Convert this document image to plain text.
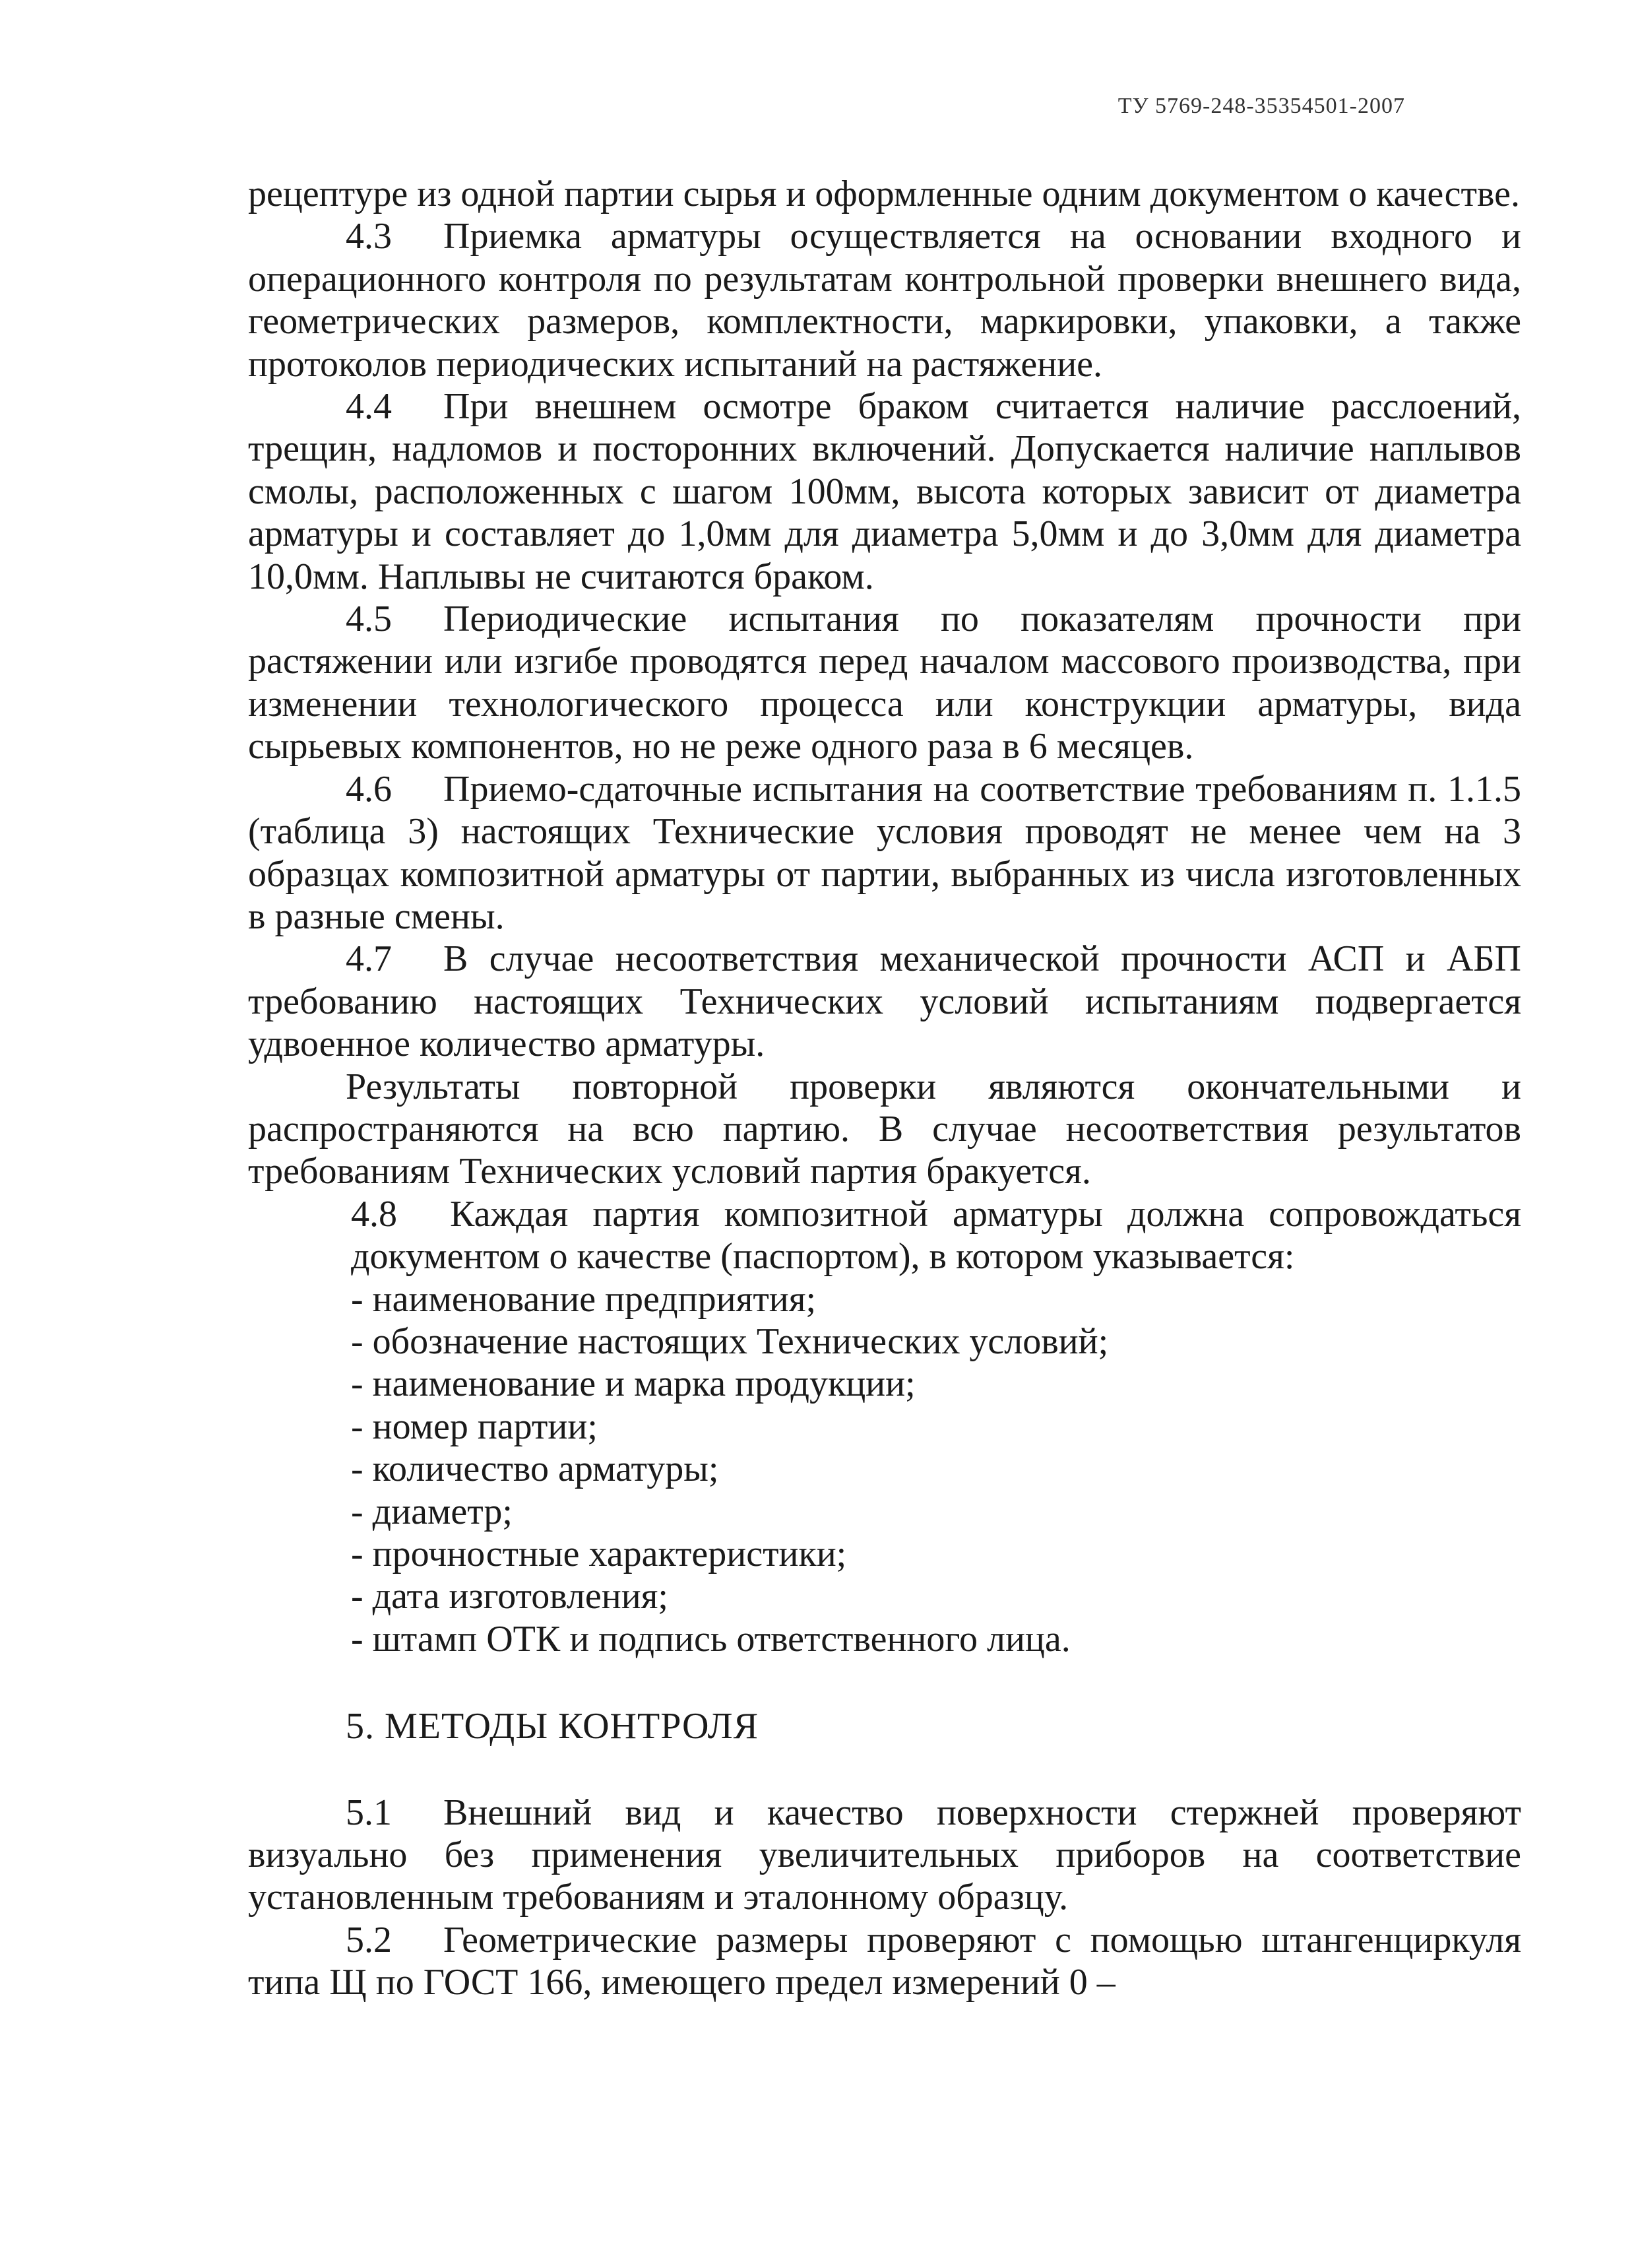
ТУ 5769-248-35354501-2007

рецептуре из одной партии сырья и оформленные одним документом о качестве.

4.3 Приемка арматуры осуществляется на основании входного и операционного контроля по результатам контрольной проверки внешнего вида, геометрических размеров, комплектности, маркировки, упаковки, а также протоколов периодических испытаний на растяжение.

4.4 При внешнем осмотре браком считается наличие расслоений, трещин, надломов и посторонних включений. Допускается наличие наплывов смолы, расположенных с шагом 100мм, высота которых зависит от диаметра арматуры и составляет до 1,0мм для диаметра 5,0мм и до 3,0мм для диаметра 10,0мм. Наплывы не считаются браком.

4.5 Периодические испытания по показателям прочности при растяжении или изгибе проводятся перед началом массового производства, при изменении технологического процесса или конструкции арматуры, вида сырьевых компонентов, но не реже одного раза в 6 месяцев.

4.6 Приемо-сдаточные испытания на соответствие требованиям п. 1.1.5 (таблица 3) настоящих Технические условия проводят не менее чем на 3 образцах композитной арматуры от партии, выбранных из числа изготовленных в разные смены.

4.7 В случае несоответствия механической прочности АСП и АБП требованию настоящих Технических условий испытаниям подвергается удвоенное количество арматуры.

Результаты повторной проверки являются окончательными и распространяются на всю партию. В случае несоответствия результатов требованиям Технических условий партия бракуется.

4.8 Каждая партия композитной арматуры должна сопровождаться документом о качестве (паспортом), в котором указывается:

- наименование предприятия;
- обозначение настоящих Технических условий;
- наименование и марка продукции;
- номер партии;
- количество арматуры;
- диаметр;
- прочностные характеристики;
- дата изготовления;
- штамп ОТК и подпись ответственного лица.
5. МЕТОДЫ КОНТРОЛЯ

5.1 Внешний вид и качество поверхности стержней проверяют визуально без применения увеличительных приборов на соответствие установленным требованиям и эталонному образцу.

5.2 Геометрические размеры проверяют с помощью штангенциркуля типа Щ по ГОСТ 166, имеющего предел измерений 0 –
